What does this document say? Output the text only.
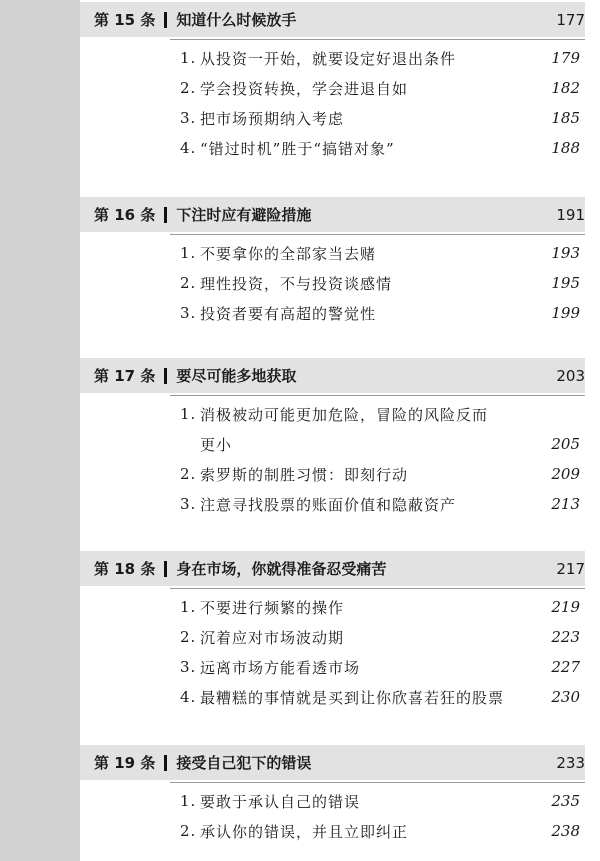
第 15 条 知道什么时候放手	177
1. 从投资一开始，就要设定好退出条件	179
2. 学会投资转换，学会进退自如	182
3. 把市场预期纳入考虑	185
4. “错过时机”胜于“搞错对象”	188
第 16 条 下注时应有避险措施	191
1. 不要拿你的全部家当去赌	193
2. 理性投资，不与投资谈感情	195
3. 投资者要有高超的警觉性	199
第 17 条 要尽可能多地获取	203
1. 消极被动可能更加危险，冒险的风险反而
更小	205
2. 索罗斯的制胜习惯：即刻行动	209
3. 注意寻找股票的账面价值和隐蔽资产	213
第 18 条 身在市场，你就得准备忍受痛苦	217
1. 不要进行频繁的操作	219
2. 沉着应对市场波动期	223
3. 远离市场方能看透市场	227
4. 最糟糕的事情就是买到让你欣喜若狂的股票	230
第 19 条 接受自己犯下的错误	233
1. 要敢于承认自己的错误	235
2. 承认你的错误，并且立即纠正	238
